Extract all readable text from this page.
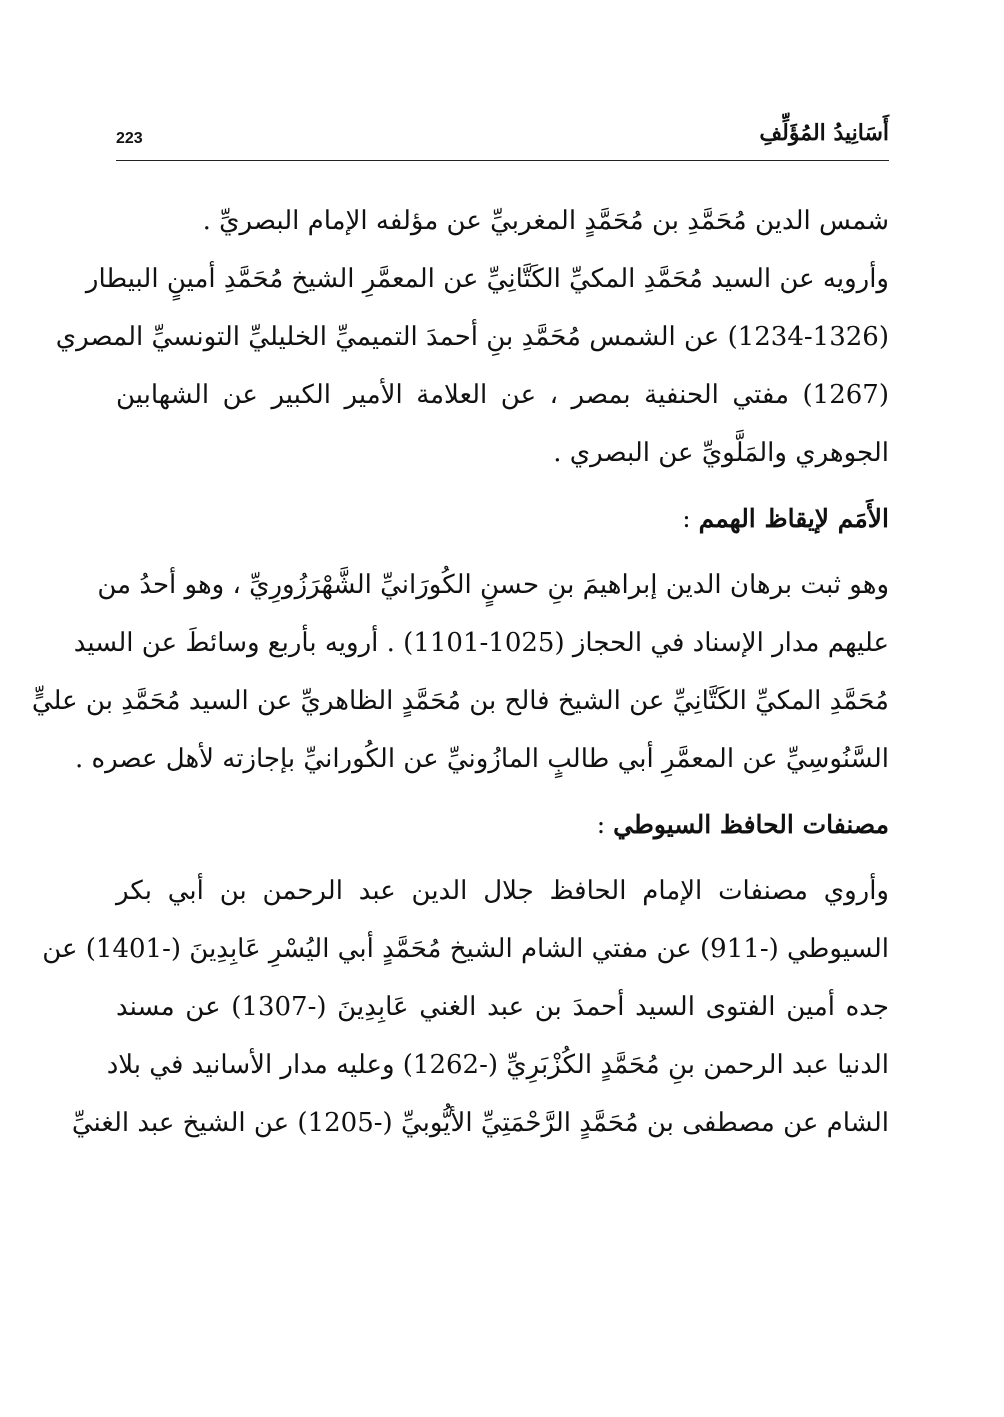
223	أَسَانِيدُ المُؤَلِّفِ
شمس الدين مُحَمَّدِ بن مُحَمَّدٍ المغربيِّ عن مؤلفه الإمام البصريِّ .
وأرويه عن السيد مُحَمَّدِ المكيِّ الكَتَّانِيِّ عن المعمَّرِ الشيخ مُحَمَّدِ أمينٍ البيطار
(1234-1326) عن الشمس مُحَمَّدِ بنِ أحمدَ التميميِّ الخليليِّ التونسيِّ المصري
(1267) مفتي الحنفية بمصر ، عن العلامة الأمير الكبير عن الشهابين
الجوهري والمَلَّويِّ عن البصري .
الأَمَم لإيقاظ الهمم :
وهو ثبت برهان الدين إبراهيمَ بنِ حسنٍ الكُورَانيِّ الشَّهْرَزُورِيِّ ، وهو أحدُ من
عليهم مدار الإسناد في الحجاز (1025-1101) . أرويه بأربع وسائطَ عن السيد
مُحَمَّدِ المكيِّ الكَتَّانِيِّ عن الشيخ فالح بن مُحَمَّدٍ الظاهريِّ عن السيد مُحَمَّدِ بن عليٍّ
السَّنُوسِيِّ عن المعمَّرِ أبي طالبٍ المازُونيِّ عن الكُورانيِّ بإجازته لأهل عصره .
مصنفات الحافظ السيوطي :
وأروي مصنفات الإمام الحافظ جلال الدين عبد الرحمن بن أبي بكر
السيوطي (-911) عن مفتي الشام الشيخ مُحَمَّدٍ أبي اليُسْرِ عَابِدِينَ (-1401) عن
جده أمين الفتوى السيد أحمدَ بن عبد الغني عَابِدِينَ (-1307) عن مسند
الدنيا عبد الرحمن بنِ مُحَمَّدٍ الكُزْبَرِيِّ (-1262) وعليه مدار الأسانيد في بلاد
الشام عن مصطفى بن مُحَمَّدٍ الرَّحْمَتِيِّ الأيُّوبيِّ (-1205) عن الشيخ عبد الغنيِّ
